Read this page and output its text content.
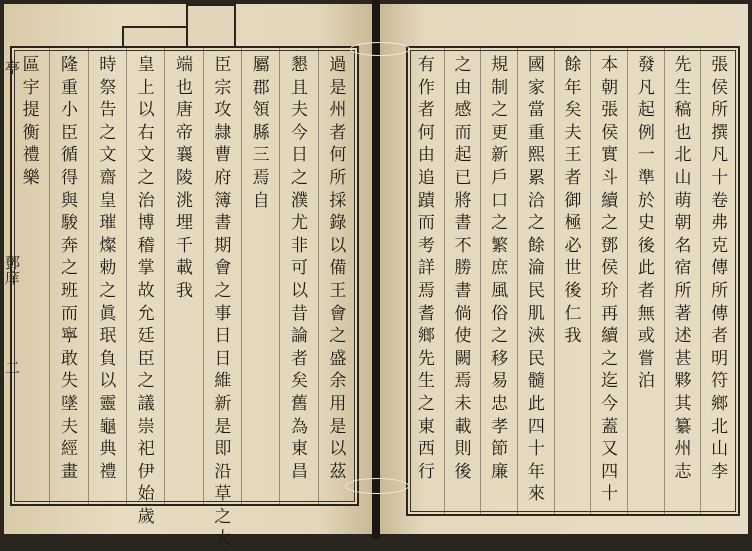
過
是
州
者
何
所
採
錄
以
備
王
會
之
盛
余
用
是
以
茲
懇
且
夫
今
日
之
濮
尤
非
可
以
昔
論
者
矣
舊
為
東
昌
屬
郡
領
縣
三
焉
自
臣
宗
攻
隷
曹
府
簿
書
期
會
之
事
日
日
維
新
是
即
沿
草
之
大
端
也
唐
帝
襄
陵
洮
埋
千
載
我
皇
上
以
右
文
之
治
博
稽
掌
故
允
廷
臣
之
議
崇
祀
伊
始
歲
時
祭
告
之
文
齋
皇
璀
燦
勅
之
眞
珉
負
以
靈
龜
典
禮
隆
重
小
臣
循
得
與
駿
奔
之
班
而
寧
敢
失
墜
夫
經
畫
區
宇
提
衡
禮
樂
張
侯
所
撰
凡
十
卷
弗
克
傳
所
傳
者
明
符
鄉
北
山
李
先
生
稿
也
北
山
萌
朝
名
宿
所
著
述
甚
夥
其
纂
州
志
發
凡
起
例
一
準
於
史
後
此
者
無
或
嘗
泊
本
朝
張
侯
實
斗
續
之
鄧
侯
玠
再
續
之
迄
今
蓋
又
四
十
餘
年
矣
夫
王
者
御
極
必
世
後
仁
我
國
家
當
重
熙
累
洽
之
餘
淪
民
肌
浹
民
髓
此
四
十
年
來
規
制
之
更
新
戶
口
之
繁
庶
風
俗
之
移
易
忠
孝
節
廉
之
由
感
而
起
已
將
書
不
勝
書
倘
使
闕
焉
未
載
則
後
有
作
者
何
由
追
蹟
而
考
詳
焉
耆
鄉
先
生
之
東
西
行
亭
鄧庠
二
